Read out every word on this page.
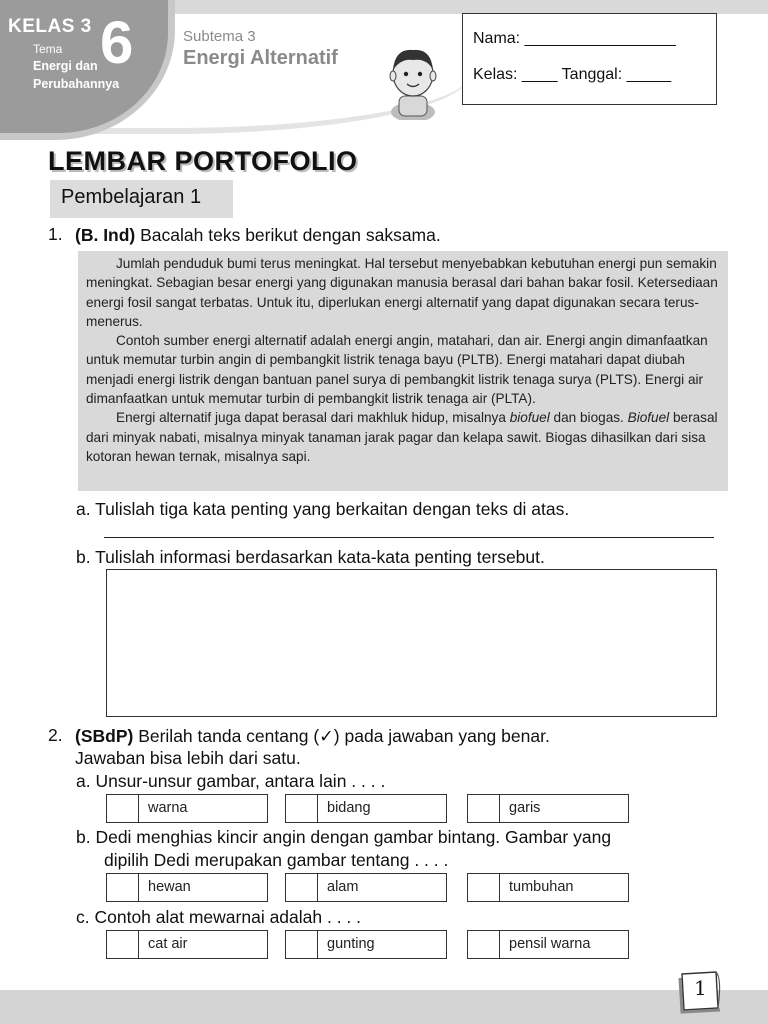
KELAS 3
Tema
Energi dan
Perubahannya
6	Subtema 3
Energi Alternatif
Nama: _________________
Kelas: ____ Tanggal: _____
LEMBAR PORTOFOLIO
Pembelajaran 1
1. (B. Ind) Bacalah teks berikut dengan saksama.

Jumlah penduduk bumi terus meningkat. Hal tersebut menyebabkan kebutuhan energi pun semakin meningkat. Sebagian besar energi yang digunakan manusia berasal dari bahan bakar fosil. Ketersediaan energi fosil sangat terbatas. Untuk itu, diperlukan energi alternatif yang dapat digunakan secara terus-menerus.

Contoh sumber energi alternatif adalah energi angin, matahari, dan air. Energi angin dimanfaatkan untuk memutar turbin angin di pembangkit listrik tenaga bayu (PLTB). Energi matahari dapat diubah menjadi energi listrik dengan bantuan panel surya di pembangkit listrik tenaga surya (PLTS). Energi air dimanfaatkan untuk memutar turbin di pembangkit listrik tenaga air (PLTA).

Energi alternatif juga dapat berasal dari makhluk hidup, misalnya biofuel dan biogas. Biofuel berasal dari minyak nabati, misalnya minyak tanaman jarak pagar dan kelapa sawit. Biogas dihasilkan dari sisa kotoran hewan ternak, misalnya sapi.

a. Tulislah tiga kata penting yang berkaitan dengan teks di atas.
b. Tulislah informasi berdasarkan kata-kata penting tersebut.
2. (SBdP) Berilah tanda centang (✓) pada jawaban yang benar.
Jawaban bisa lebih dari satu.
a. Unsur-unsur gambar, antara lain . . . .
warna	bidang	garis
b. Dedi menghias kincir angin dengan gambar bintang. Gambar yang
dipilih Dedi merupakan gambar tentang . . . .
hewan	alam	tumbuhan
c. Contoh alat mewarnai adalah . . . .
cat air	gunting	pensil warna
1
